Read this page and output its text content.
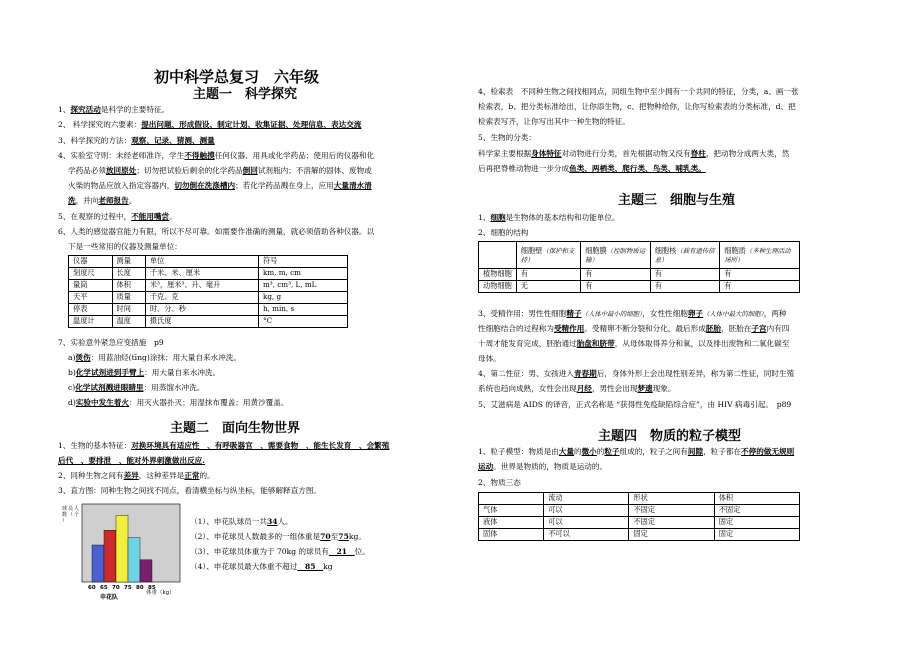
初中科学总复习　六年级
主题一　科学探究
1、探究活动是科学的主要特征。
2、 科学探究的六要素：提出问题、形成假设、制定计划、收集证据、处理信息、表达交流
3、科学探究的方法：观察、记录、猜测、测量
4、实验室守则：未经老师准许，学生不得触摸任何仪器、用具或化学药品；使用后的仪器和化
学药品必须放回原处；切勿把试验后剩余的化学药品倒回试剂瓶内；不溶解的固体、废物或
火柴的物品应放入指定容器内，切勿倒在洗涤槽内；若化学药品溅在身上，应用大量清水清
洗，并向老师报告。
5、在观察的过程中，不能用嘴尝。
6、人类的感觉器官能力有限，所以不尽可靠。如需要作准确的测量，就必须借助各种仪器。以
下是一些常用的仪器及测量单位：
仪器	测量	单位	符号
刻度尺	长度	千米、米、厘米	km, m, cm
量筒	体积	米³，厘米³、升、毫升	m³, cm³, L, mL
天平	质量	千克、克	kg, g
停表	时间	时、分、秒	h, min, s
温度计	温度	摄氏度	°C
7、实验意外紧急应变措施　p9
a)烫伤：用蓝油烃(tīng)涂抹；用大量自来水冲洗。
b)化学试剂进到手臂上：用大量自来水冲洗。
c)化学试剂溅进眼睛里：用蒸馏水冲洗。
d)实验中发生着火：用灭火器扑灭；用湿抹布覆盖；用黄沙覆盖。
主题二　面向生物世界
1、生物的基本特征：对换环境具有适应性　、有呼吸器官　、需要食物　、能生长发育　、会繁殖
后代　、要排泄　、能对外界刺激做出反应.
2、同种生物之间有差异，这种差异是正常的。
3、直方图：同种生物之间找不同点，看清横坐标与纵坐标，能够解释直方图。
球员人数（个）
60 65 70 75 80 85
申花队
体重（kg）
（1）、申花队球员一共34人。
（2）、申花球员人数最多的一组体重是70至75kg。
（3）、申花球员体重为于 70kg 的球员有__21__位。
（4）、申花球员最大体重不超过__85__kg
4、检索表　不同种生物之间找相同点，同组生物中至少拥有一个共同的特征，分类，a、画一张
检索表，b、把分类标准给出，让你添生物，c、把物种给你，让你写检索表的分类标准，d、把
检索表写齐，让你写出其中一种生物的特征。
5、生物的分类：
科学家主要根据身体特征对动物进行分类，首先根据动物又没有脊柱，把动物分成两大类，然
后再把脊椎动物进一步分成鱼类、两栖类、爬行类、鸟类、哺乳类。
主题三　细胞与生殖
1、细胞是生物体的基本结构和功能单位。
2、细胞的结构
	细胞壁（保护和支持）	细胞膜（控制物质运输）	细胞核（载有遗传信息）	细胞质（多种生理活动场所）
植物细胞	有	有	有	有
动物细胞	无	有	有	有
3、受精作用：男性性细胞精子（人体中最小的细胞），女性性细胞卵子（人体中最大的细胞），两种
性细胞结合的过程称为受精作用。受精卵不断分裂和分化，最后形成胚胎，胚胎在子宫内有四
十周才能发育完成，胚胎通过胎盘和脐带，从母体取得养分和氧，以及排出废物和二氧化碳至
母体。
4、第二性征：男、女孩进入青春期后，身体外形上会出现性别差异，称为第二性征，同时生殖
系统也趋向成熟，女性会出现月经，男性会出现梦遗现象。
5、艾滋病是 AIDS 的译音，正式名称是 “获得性免疫缺陷综合症”，由 HIV 病毒引起。　p89
主题四　物质的粒子模型
1、粒子模型：物质是由大量的微小的粒子组成的，粒子之间有间隙，粒子都在不停的做无规则
运动。世界是物质的，物质是运动的。
2、物质三态
	流动	形状	体积
气体	可以	不固定	不固定
液体	可以	不固定	固定
固体	不可以	固定	固定
